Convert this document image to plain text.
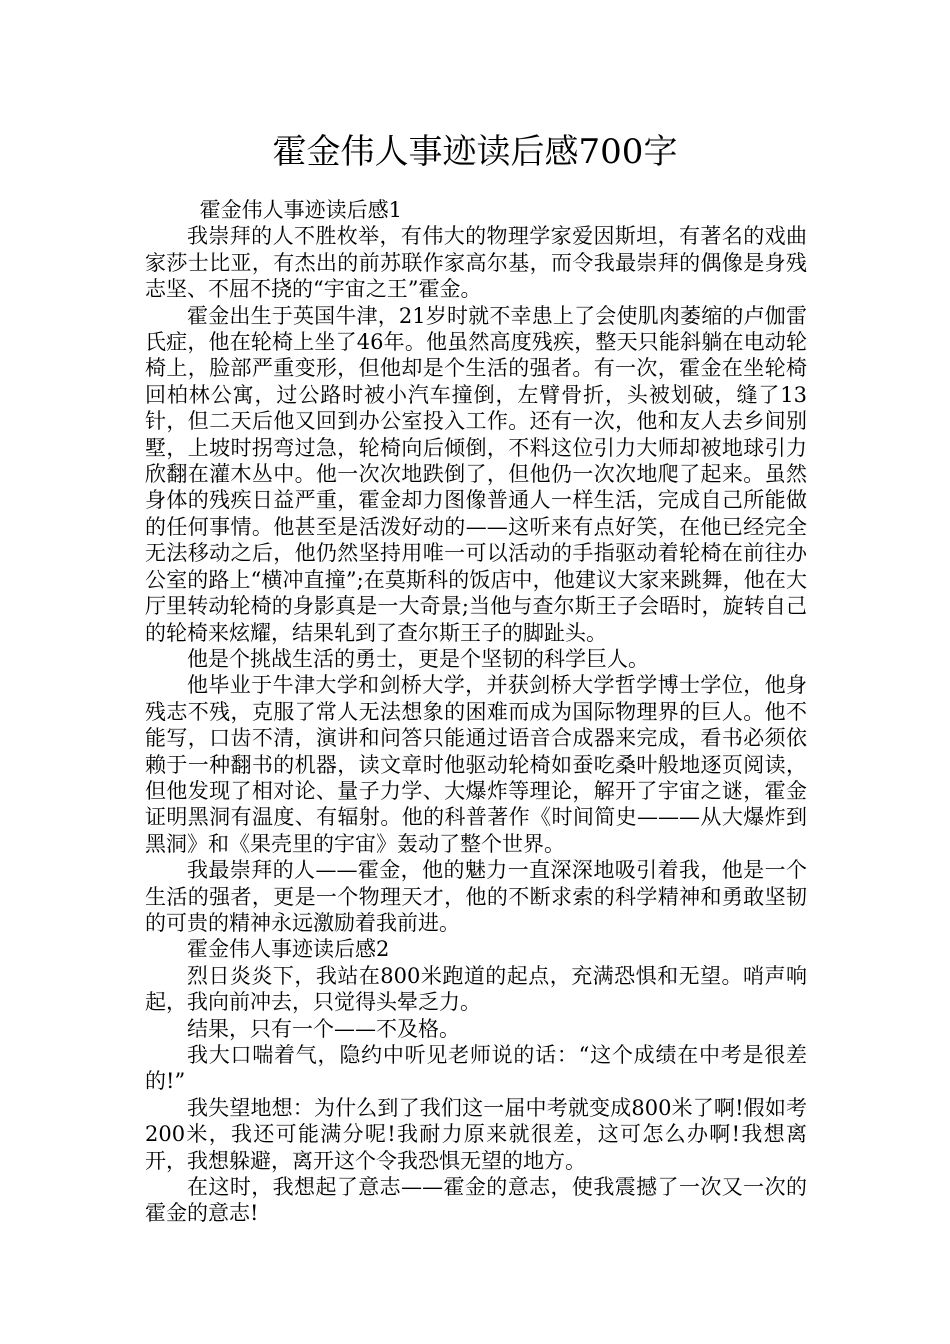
霍金伟人事迹读后感700字

霍金伟人事迹读后感1

我崇拜的人不胜枚举，有伟大的物理学家爱因斯坦，有著名的戏曲家莎士比亚，有杰出的前苏联作家高尔基，而令我最崇拜的偶像是身残志坚、不屈不挠的“宇宙之王”霍金。

霍金出生于英国牛津，21岁时就不幸患上了会使肌肉萎缩的卢伽雷氏症，他在轮椅上坐了46年。他虽然高度残疾，整天只能斜躺在电动轮椅上，脸部严重变形，但他却是个生活的强者。有一次，霍金在坐轮椅回柏林公寓，过公路时被小汽车撞倒，左臂骨折，头被划破，缝了13针，但二天后他又回到办公室投入工作。还有一次，他和友人去乡间别墅，上坡时拐弯过急，轮椅向后倾倒，不料这位引力大师却被地球引力欣翻在灌木丛中。他一次次地跌倒了，但他仍一次次地爬了起来。虽然身体的残疾日益严重，霍金却力图像普通人一样生活，完成自己所能做的任何事情。他甚至是活泼好动的——这听来有点好笑，在他已经完全无法移动之后，他仍然坚持用唯一可以活动的手指驱动着轮椅在前往办公室的路上“横冲直撞”;在莫斯科的饭店中，他建议大家来跳舞，他在大厅里转动轮椅的身影真是一大奇景;当他与查尔斯王子会晤时，旋转自己的轮椅来炫耀，结果轧到了查尔斯王子的脚趾头。

他是个挑战生活的勇士，更是个坚韧的科学巨人。

他毕业于牛津大学和剑桥大学，并获剑桥大学哲学博士学位，他身残志不残，克服了常人无法想象的困难而成为国际物理界的巨人。他不能写，口齿不清，演讲和问答只能通过语音合成器来完成，看书必须依赖于一种翻书的机器，读文章时他驱动轮椅如蚕吃桑叶般地逐页阅读，但他发现了相对论、量子力学、大爆炸等理论，解开了宇宙之谜，霍金证明黑洞有温度、有辐射。他的科普著作《时间简史———从大爆炸到黑洞》和《果壳里的宇宙》轰动了整个世界。

我最崇拜的人——霍金，他的魅力一直深深地吸引着我，他是一个生活的强者，更是一个物理天才，他的不断求索的科学精神和勇敢坚韧的可贵的精神永远激励着我前进。

霍金伟人事迹读后感2

烈日炎炎下，我站在800米跑道的起点，充满恐惧和无望。哨声响起，我向前冲去，只觉得头晕乏力。

结果，只有一个——不及格。

我大口喘着气，隐约中听见老师说的话：“这个成绩在中考是很差的!”

我失望地想：为什么到了我们这一届中考就变成800米了啊!假如考200米，我还可能满分呢!我耐力原来就很差，这可怎么办啊!我想离开，我想躲避，离开这个令我恐惧无望的地方。

在这时，我想起了意志——霍金的意志，使我震撼了一次又一次的霍金的意志!
